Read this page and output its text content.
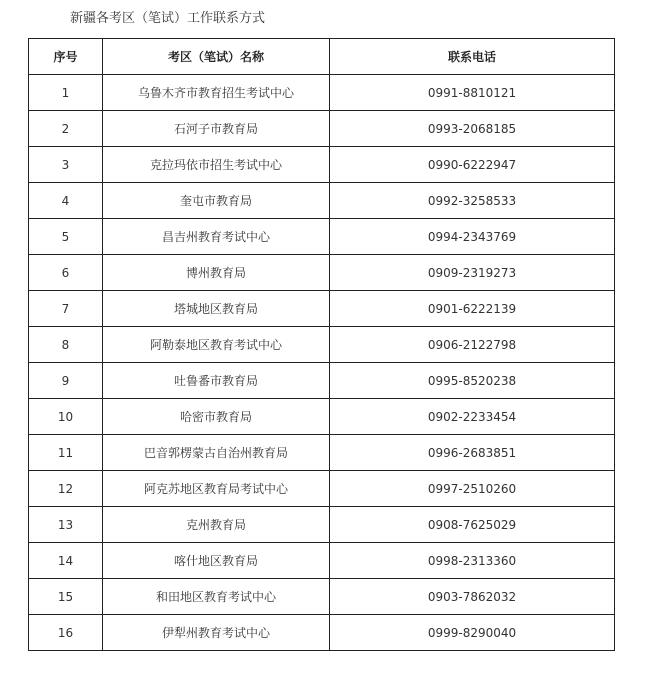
新疆各考区（笔试）工作联系方式
序号	考区（笔试）名称	联系电话
1	乌鲁木齐市教育招生考试中心	0991-8810121
2	石河子市教育局	0993-2068185
3	克拉玛依市招生考试中心	0990-6222947
4	奎屯市教育局	0992-3258533
5	昌吉州教育考试中心	0994-2343769
6	博州教育局	0909-2319273
7	塔城地区教育局	0901-6222139
8	阿勒泰地区教育考试中心	0906-2122798
9	吐鲁番市教育局	0995-8520238
10	哈密市教育局	0902-2233454
11	巴音郭楞蒙古自治州教育局	0996-2683851
12	阿克苏地区教育局考试中心	0997-2510260
13	克州教育局	0908-7625029
14	喀什地区教育局	0998-2313360
15	和田地区教育考试中心	0903-7862032
16	伊犁州教育考试中心	0999-8290040
